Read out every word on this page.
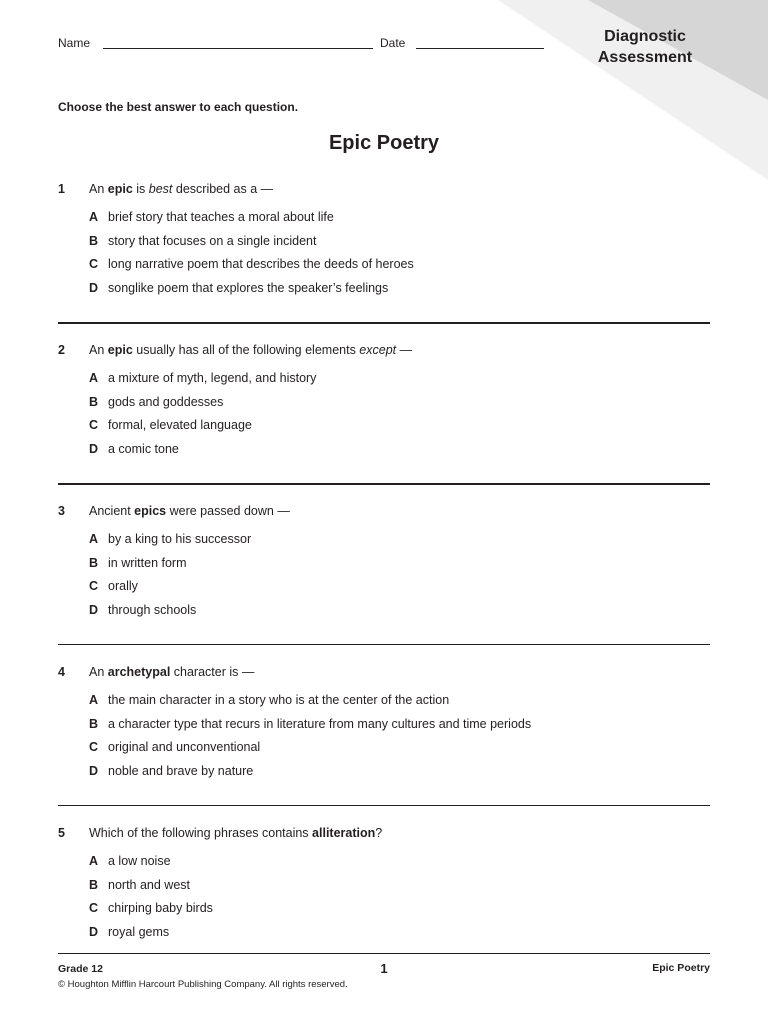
Diagnostic
Assessment
Name	Date
Choose the best answer to each question.
Epic Poetry
1 An epic is best described as a —
A brief story that teaches a moral about life
B story that focuses on a single incident
C long narrative poem that describes the deeds of heroes
D songlike poem that explores the speaker’s feelings
2 An epic usually has all of the following elements except —
A a mixture of myth, legend, and history
B gods and goddesses
C formal, elevated language
D a comic tone
3 Ancient epics were passed down —
A by a king to his successor
B in written form
C orally
D through schools
4 An archetypal character is —
A the main character in a story who is at the center of the action
B a character type that recurs in literature from many cultures and time periods
C original and unconventional
D noble and brave by nature
5 Which of the following phrases contains alliteration?
A a low noise
B north and west
C chirping baby birds
D royal gems
Grade 12
© Houghton Mifflin Harcourt Publishing Company. All rights reserved.
1	Epic Poetry
